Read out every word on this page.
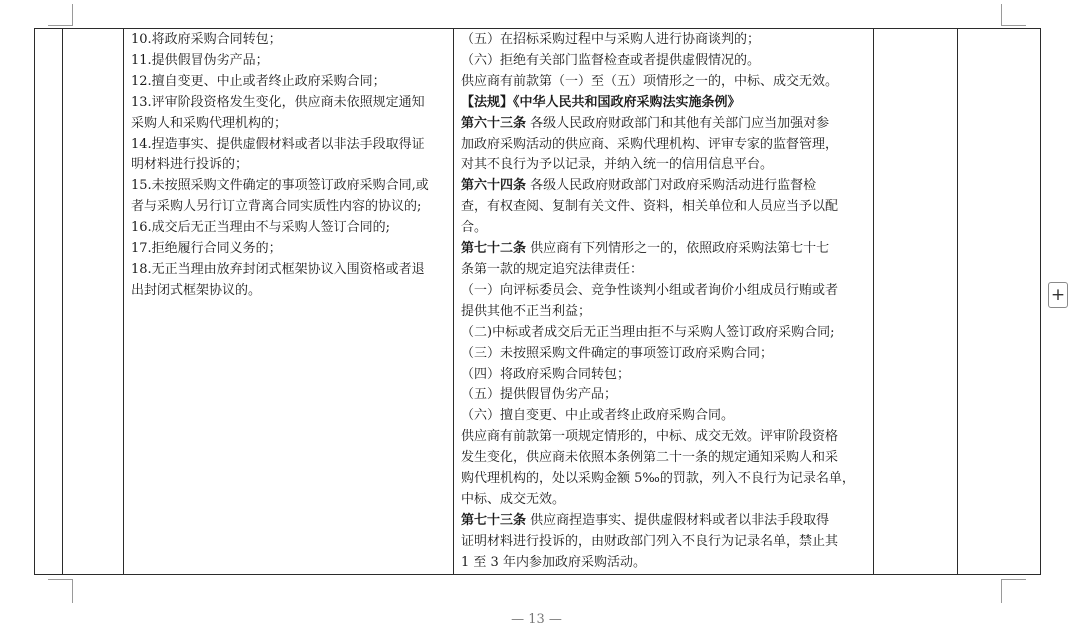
10.将政府采购合同转包；
11.提供假冒伪劣产品；
12.擅自变更、中止或者终止政府采购合同；
13.评审阶段资格发生变化，供应商未依照规定通知
采购人和采购代理机构的；
14.捏造事实、提供虚假材料或者以非法手段取得证
明材料进行投诉的；
15.未按照采购文件确定的事项签订政府采购合同,或
者与采购人另行订立背离合同实质性内容的协议的;
16.成交后无正当理由不与采购人签订合同的;
17.拒绝履行合同义务的；
18.无正当理由放弃封闭式框架协议入围资格或者退
出封闭式框架协议的。

（五）在招标采购过程中与采购人进行协商谈判的；
（六）拒绝有关部门监督检查或者提供虚假情况的。
供应商有前款第（一）至（五）项情形之一的，中标、成交无效。
【法规】《中华人民共和国政府采购法实施条例》
第六十三条 各级人民政府财政部门和其他有关部门应当加强对参
加政府采购活动的供应商、采购代理机构、评审专家的监督管理，
对其不良行为予以记录，并纳入统一的信用信息平台。
第六十四条 各级人民政府财政部门对政府采购活动进行监督检
查，有权查阅、复制有关文件、资料，相关单位和人员应当予以配
合。
第七十二条 供应商有下列情形之一的，依照政府采购法第七十七
条第一款的规定追究法律责任：
（一）向评标委员会、竞争性谈判小组或者询价小组成员行贿或者
提供其他不正当利益；
（二)中标或者成交后无正当理由拒不与采购人签订政府采购合同;
（三）未按照采购文件确定的事项签订政府采购合同；
（四）将政府采购合同转包；
（五）提供假冒伪劣产品；
（六）擅自变更、中止或者终止政府采购合同。
供应商有前款第一项规定情形的，中标、成交无效。评审阶段资格
发生变化，供应商未依照本条例第二十一条的规定通知采购人和采
购代理机构的，处以采购金额 5‰的罚款，列入不良行为记录名单，
中标、成交无效。
第七十三条 供应商捏造事实、提供虚假材料或者以非法手段取得
证明材料进行投诉的，由财政部门列入不良行为记录名单，禁止其
1 至 3 年内参加政府采购活动。

+
— 13 —
